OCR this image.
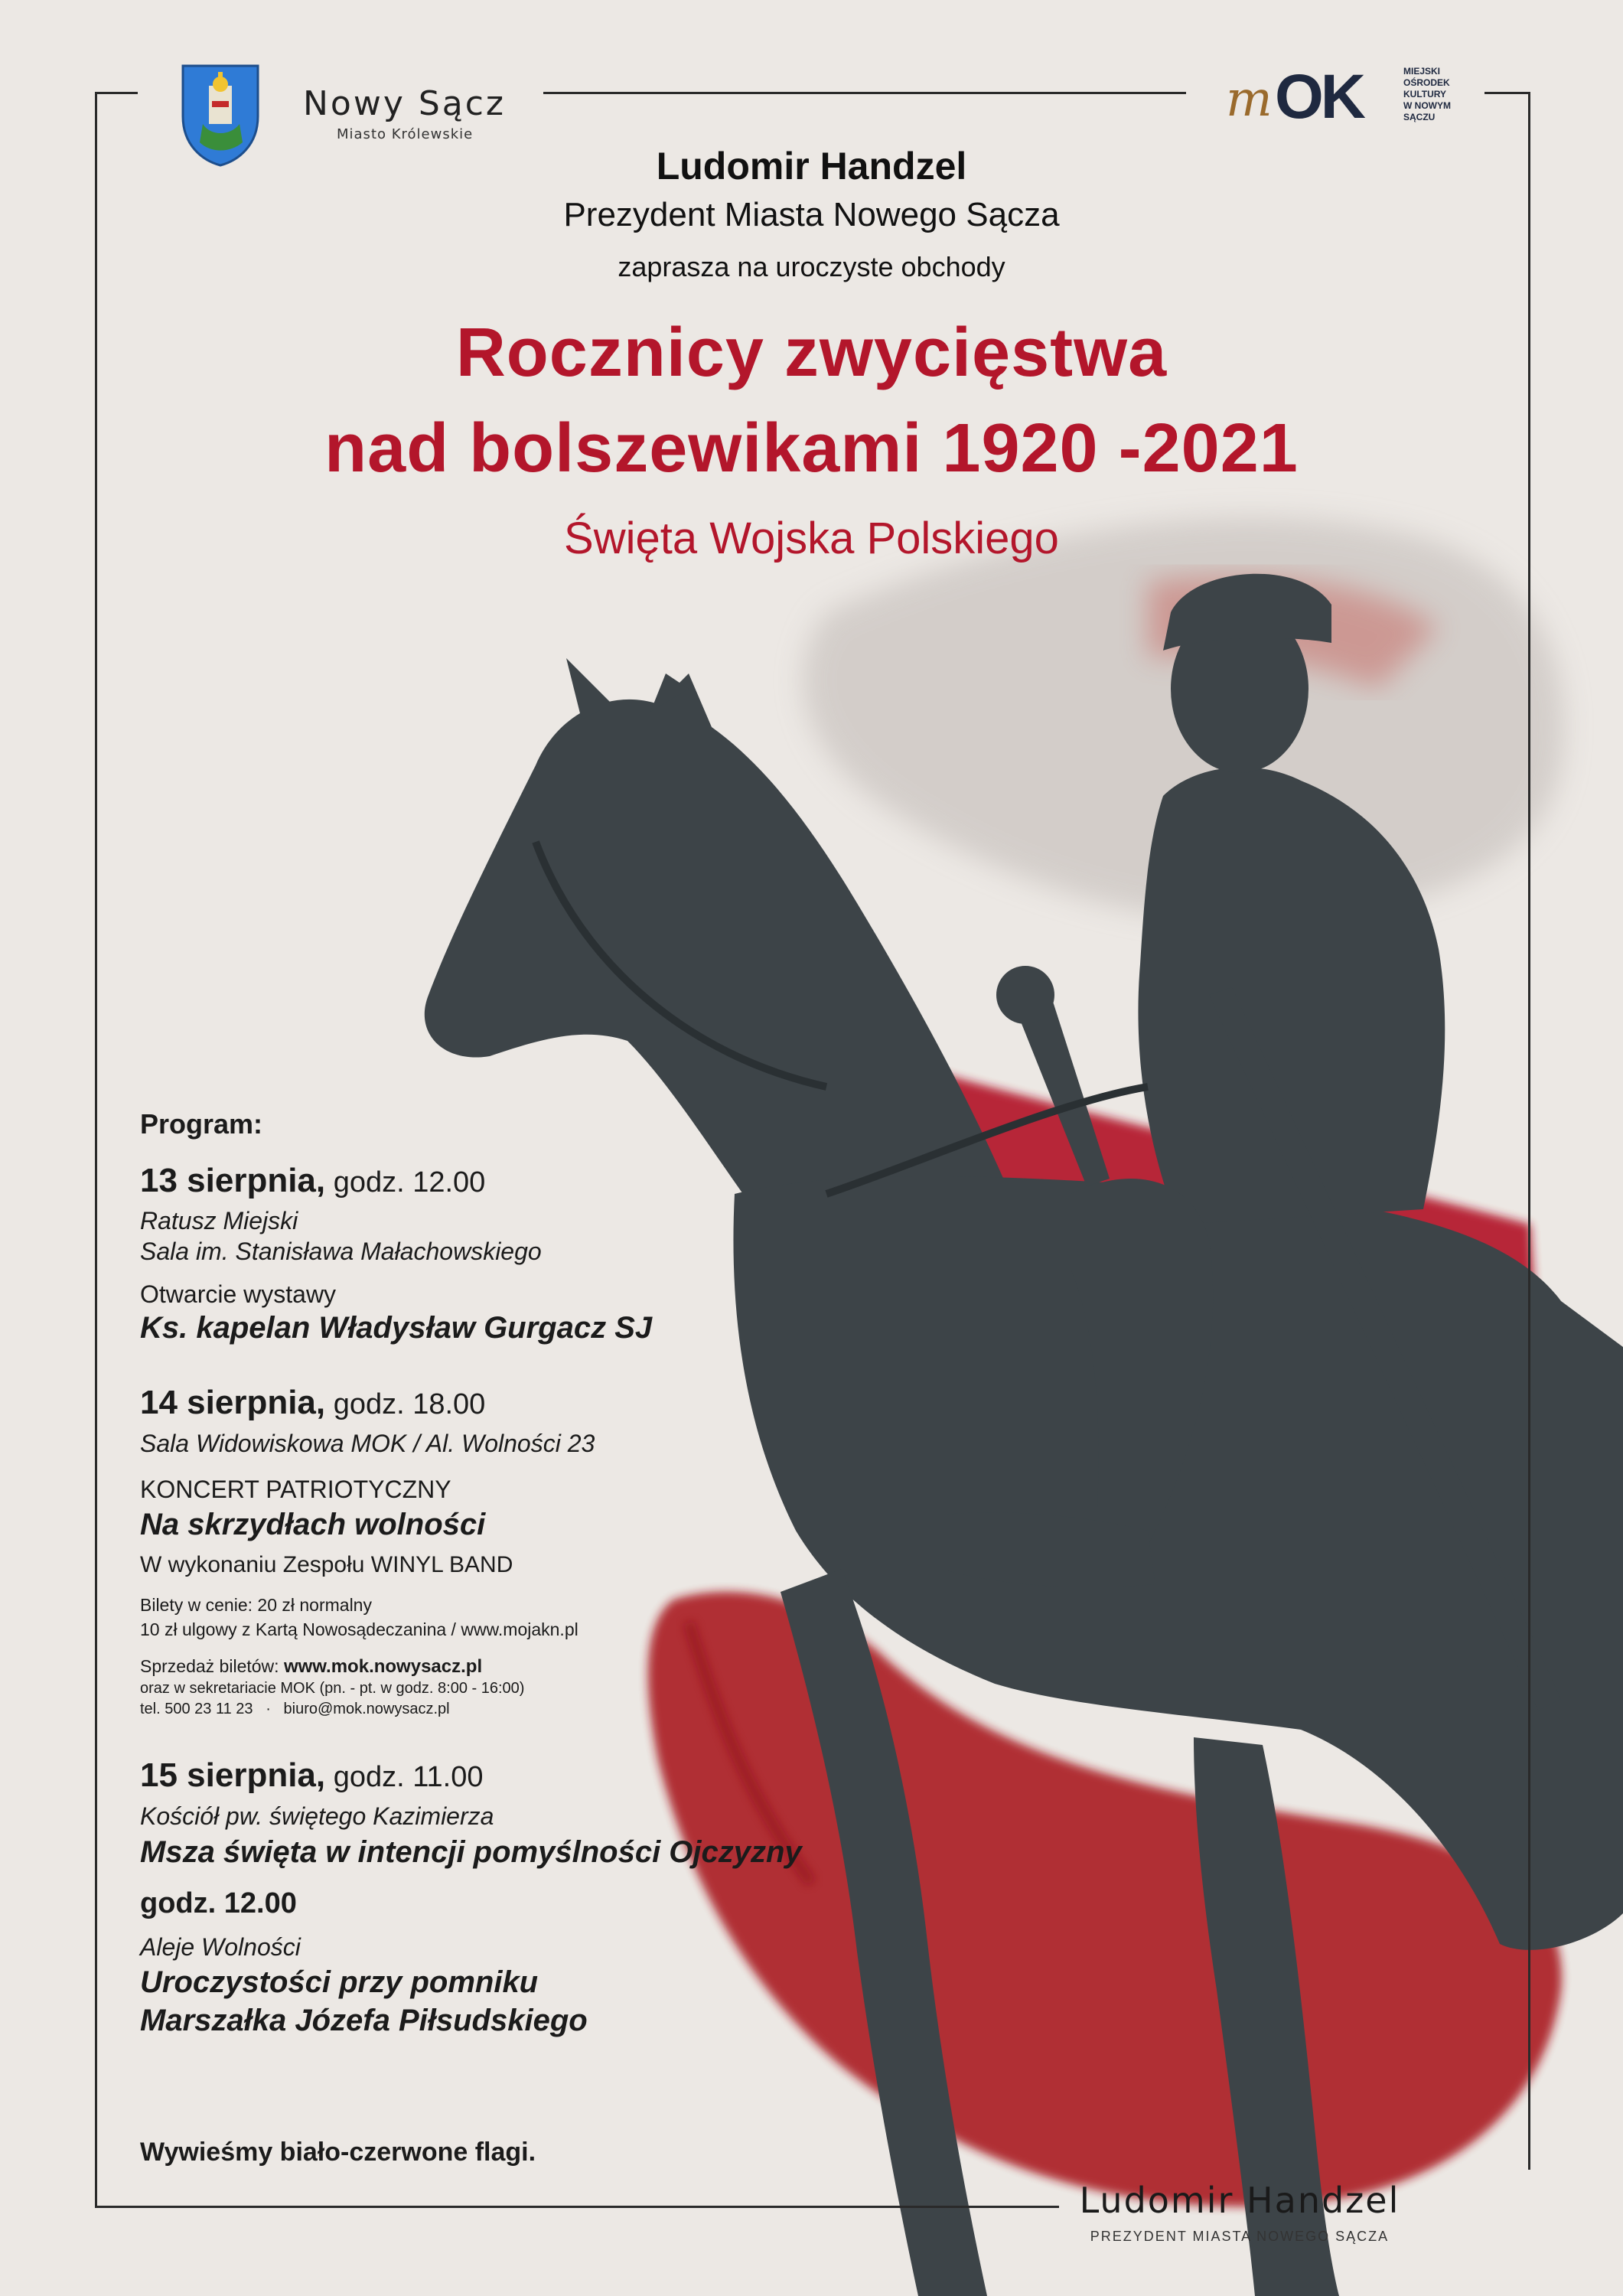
Nowy Sącz
Miasto Królewskie
m OK	MIEJSKI
OŚRODEK
KULTURY
W NOWYM
SĄCZU
Ludomir Handzel
Prezydent Miasta Nowego Sącza
zaprasza na uroczyste obchody
Rocznicy zwycięstwa
nad bolszewikami 1920 -2021
Święta Wojska Polskiego
Program:
13 sierpnia, godz. 12.00
Ratusz Miejski
Sala im. Stanisława Małachowskiego
Otwarcie wystawy
Ks. kapelan Władysław Gurgacz SJ
14 sierpnia, godz. 18.00
Sala Widowiskowa MOK / Al. Wolności 23
KONCERT PATRIOTYCZNY
Na skrzydłach wolności
W wykonaniu Zespołu WINYL BAND
Bilety w cenie: 20 zł normalny
10 zł ulgowy z Kartą Nowosądeczanina / www.mojakn.pl
Sprzedaż biletów: www.mok.nowysacz.pl
oraz w sekretariacie MOK (pn. - pt. w godz. 8:00 - 16:00)
tel. 500 23 11 23   ·   biuro@mok.nowysacz.pl
15 sierpnia, godz. 11.00
Kościół pw. świętego Kazimierza
Msza święta w intencji pomyślności Ojczyzny
godz. 12.00
Aleje Wolności
Uroczystości przy pomniku
Marszałka Józefa Piłsudskiego
Wywieśmy biało-czerwone flagi.
Ludomir Handzel
PREZYDENT MIASTA NOWEGO SĄCZA
